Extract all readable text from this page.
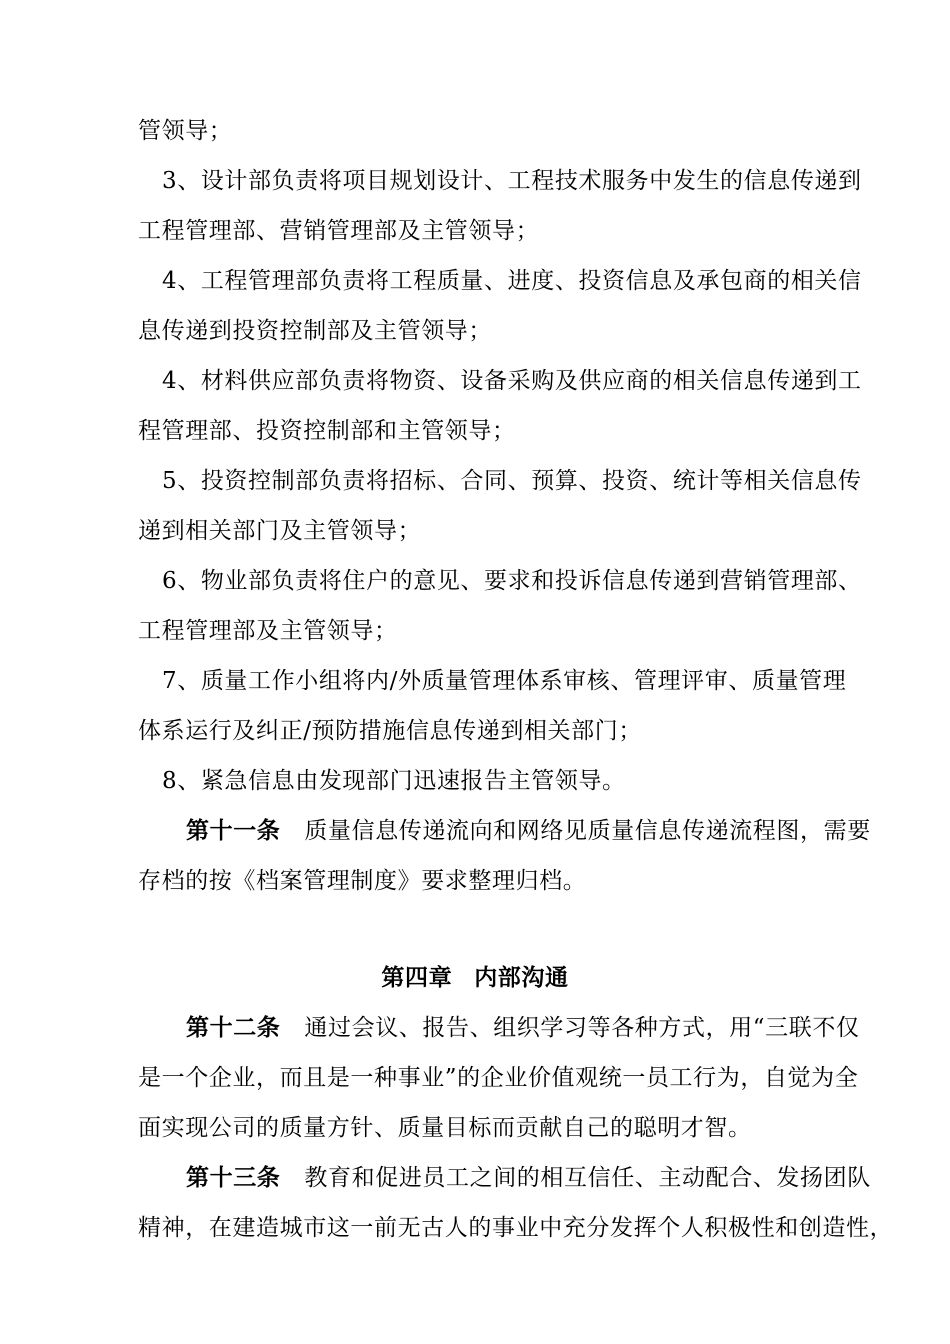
管领导；
3、设计部负责将项目规划设计、工程技术服务中发生的信息传递到
工程管理部、营销管理部及主管领导；
4、工程管理部负责将工程质量、进度、投资信息及承包商的相关信
息传递到投资控制部及主管领导；
4、材料供应部负责将物资、设备采购及供应商的相关信息传递到工
程管理部、投资控制部和主管领导；
5、投资控制部负责将招标、合同、预算、投资、统计等相关信息传
递到相关部门及主管领导；
6、物业部负责将住户的意见、要求和投诉信息传递到营销管理部、
工程管理部及主管领导；
7、质量工作小组将内/外质量管理体系审核、管理评审、质量管理
体系运行及纠正/预防措施信息传递到相关部门；
8、紧急信息由发现部门迅速报告主管领导。
第十一条 质量信息传递流向和网络见质量信息传递流程图，需要
存档的按《档案管理制度》要求整理归档。
第四章 内部沟通
第十二条 通过会议、报告、组织学习等各种方式，用“三联不仅
是一个企业，而且是一种事业”的企业价值观统一员工行为，自觉为全
面实现公司的质量方针、质量目标而贡献自己的聪明才智。
第十三条 教育和促进员工之间的相互信任、主动配合、发扬团队
精神，在建造城市这一前无古人的事业中充分发挥个人积极性和创造性，
